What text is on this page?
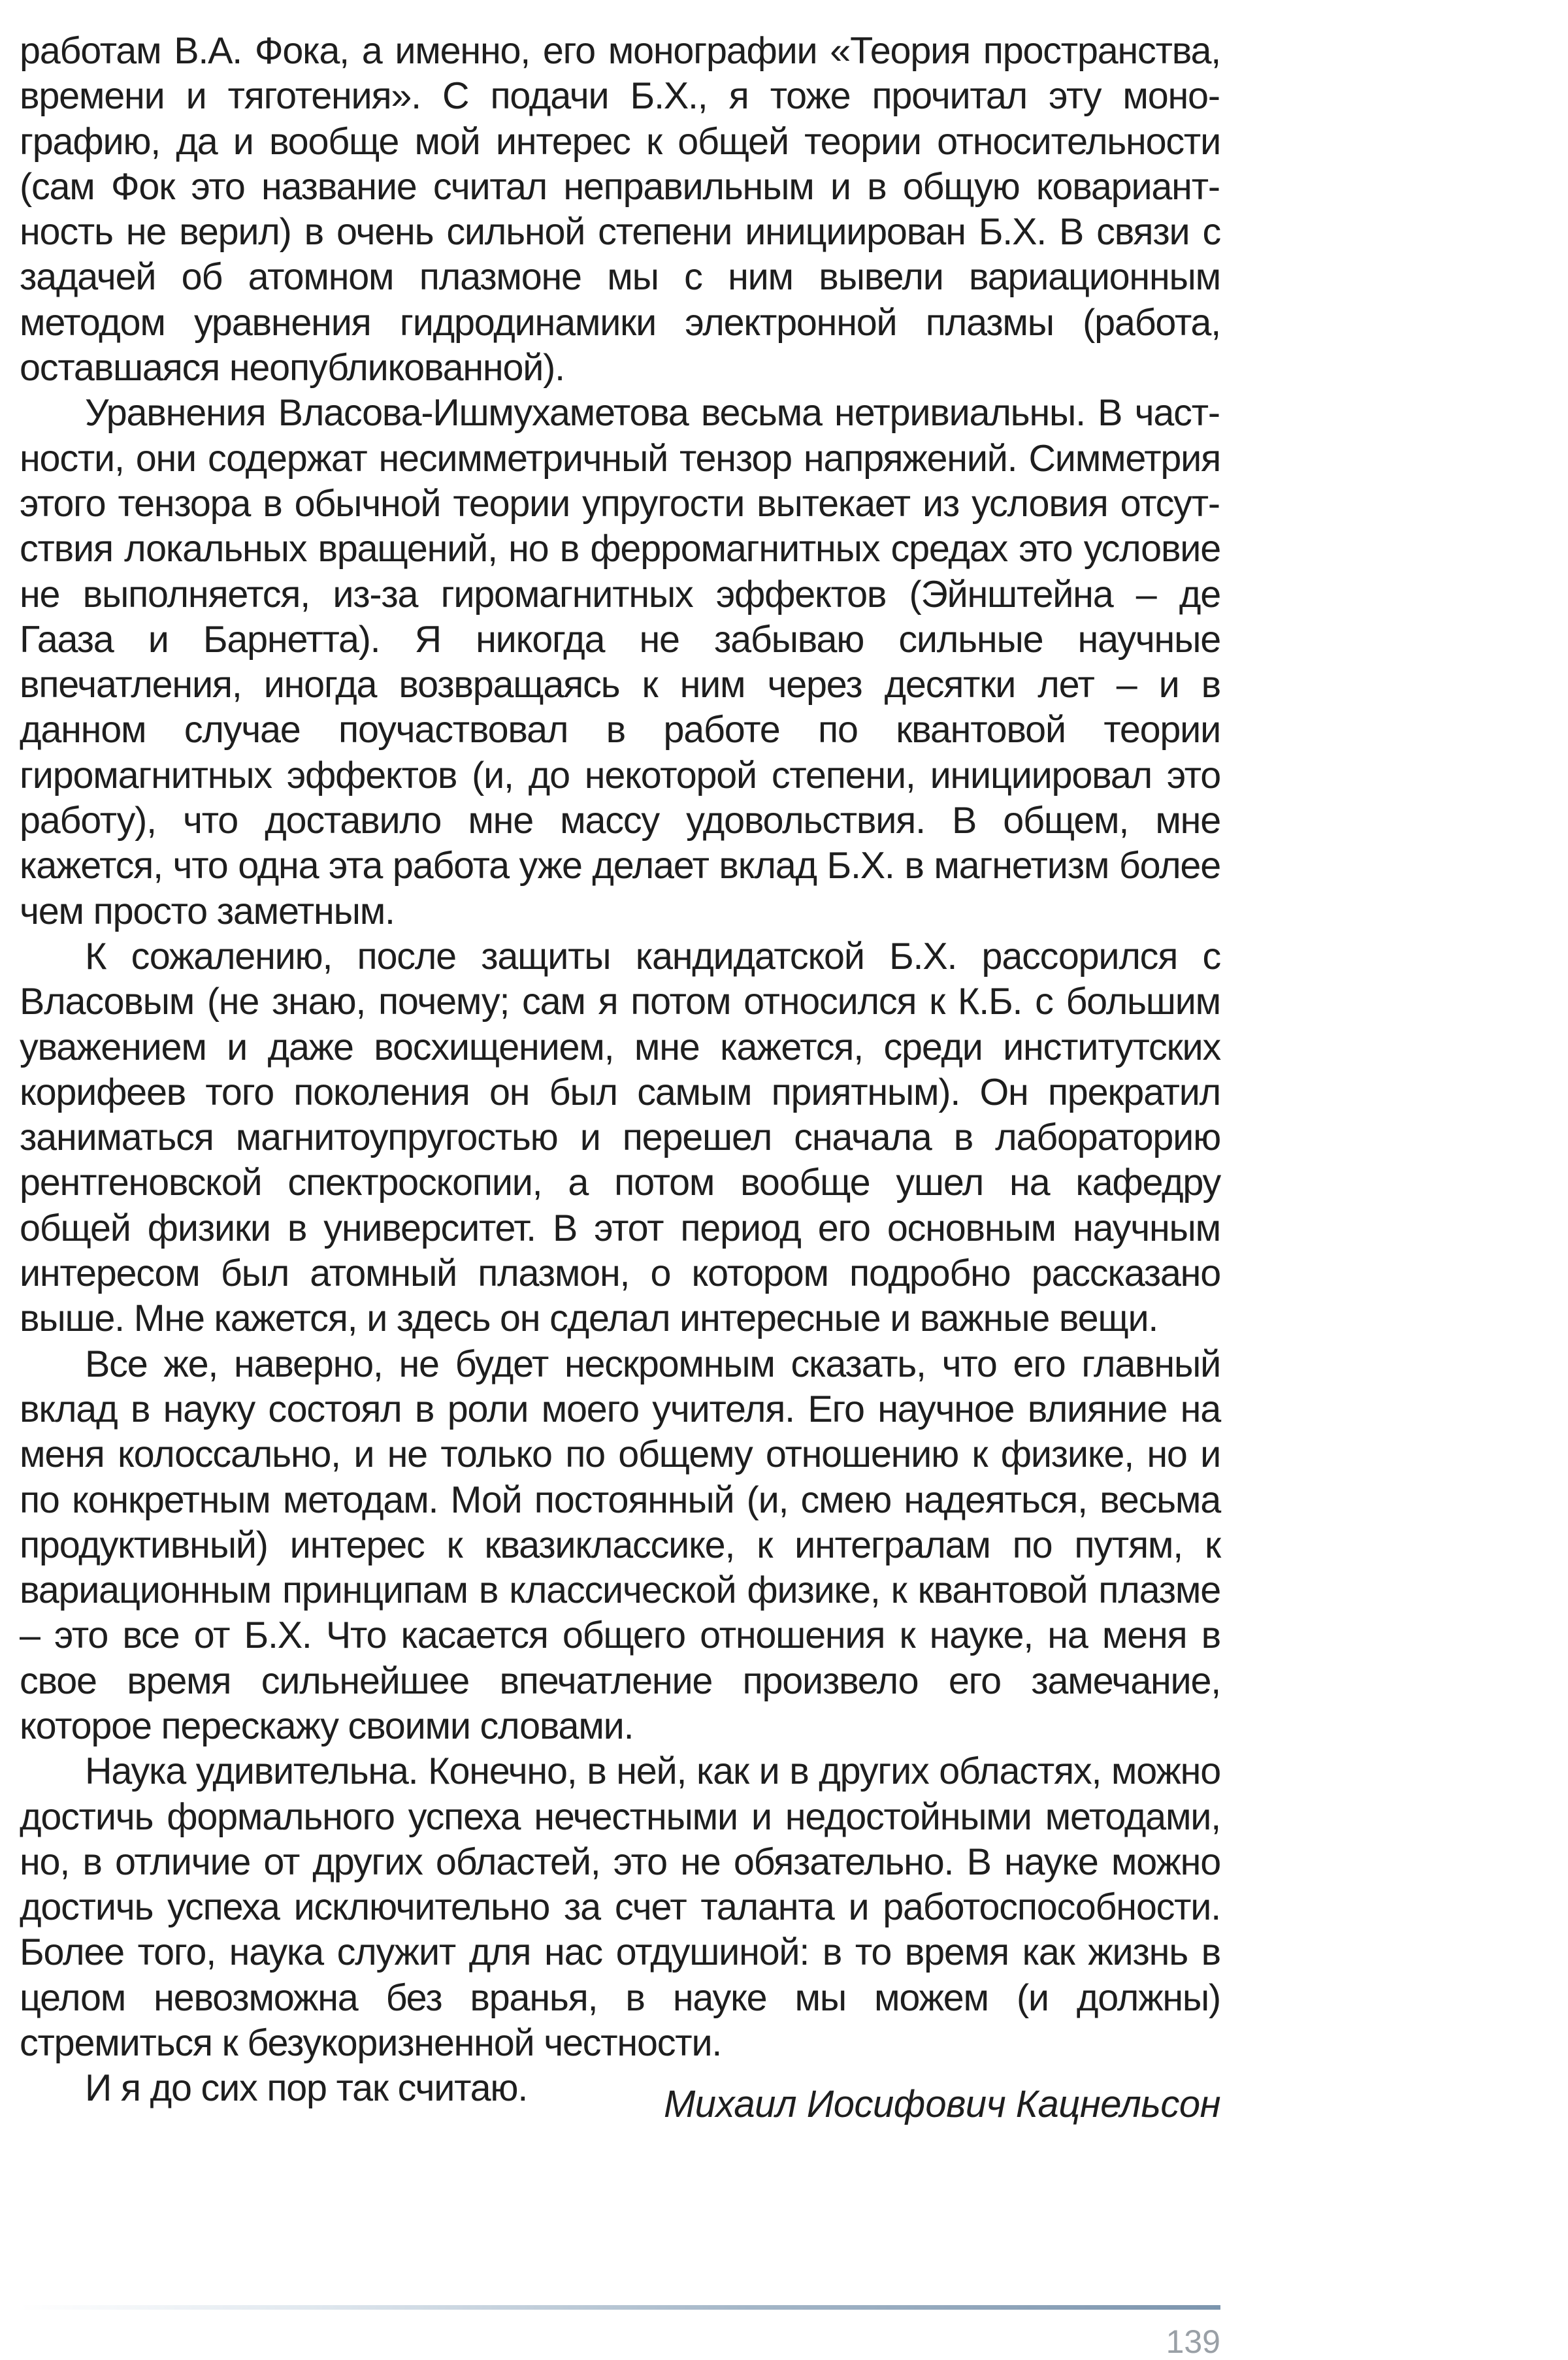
работам В.А. Фока, а именно, его монографии «Теория пространства, времени и тяготения». С подачи Б.Х., я тоже прочитал эту монографию, да и вообще мой интерес к общей теории относительности (сам Фок это название считал неправильным и в общую ковариантность не верил) в очень сильной степени инициирован Б.Х. В связи с задачей об атомном плазмоне мы с ним вывели вариационным методом уравнения гидродинамики электронной плазмы (работа, оставшаяся неопубликованной).

Уравнения Власова-Ишмухаметова весьма нетривиальны. В частности, они содержат несимметричный тензор напряжений. Симметрия этого тензора в обычной теории упругости вытекает из условия отсутствия локальных вращений, но в ферромагнитных средах это условие не выполняется, из-за гиромагнитных эффектов (Эйнштейна – де Гааза и Барнетта). Я никогда не забываю сильные научные впечатления, иногда возвращаясь к ним через десятки лет – и в данном случае поучаствовал в работе по квантовой теории гиромагнитных эффектов (и, до некоторой степени, инициировал это работу), что доставило мне массу удовольствия. В общем, мне кажется, что одна эта работа уже делает вклад Б.Х. в магнетизм более чем просто заметным.

К сожалению, после защиты кандидатской Б.Х. рассорился с Власовым (не знаю, почему; сам я потом относился к К.Б. с большим уважением и даже восхищением, мне кажется, среди институтских корифеев того поколения он был самым приятным). Он прекратил заниматься магнитоупругостью и перешел сначала в лабораторию рентгеновской спектроскопии, а потом вообще ушел на кафедру общей физики в университет. В этот период его основным научным интересом был атомный плазмон, о котором подробно рассказано выше. Мне кажется, и здесь он сделал интересные и важные вещи.

Все же, наверно, не будет нескромным сказать, что его главный вклад в науку состоял в роли моего учителя. Его научное влияние на меня колоссально, и не только по общему отношению к физике, но и по конкретным методам. Мой постоянный (и, смею надеяться, весьма продуктивный) интерес к квазиклассике, к интегралам по путям, к вариационным принципам в классической физике, к квантовой плазме – это все от Б.Х. Что касается общего отношения к науке, на меня в свое время сильнейшее впечатление произвело его замечание, которое перескажу своими словами.

Наука удивительна. Конечно, в ней, как и в других областях, можно достичь формального успеха нечестными и недостойными методами, но, в отличие от других областей, это не обязательно. В науке можно достичь успеха исключительно за счет таланта и работоспособности. Более того, наука служит для нас отдушиной: в то время как жизнь в целом невозможна без вранья, в науке мы можем (и должны) стремиться к безукоризненной честности.

И я до сих пор так считаю.	Михаил Иосифович Кацнельсон
139
